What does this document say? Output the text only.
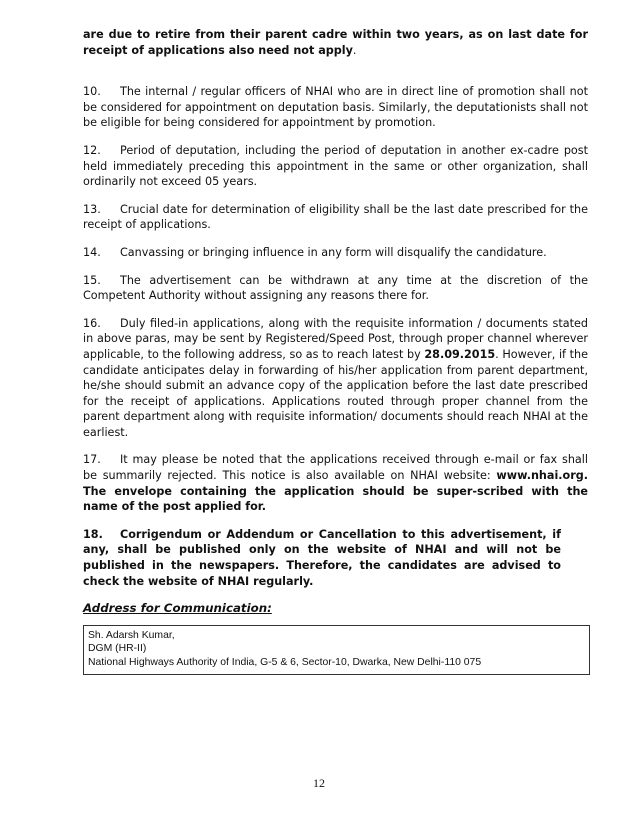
are due to retire from their parent cadre within two years, as on last date for receipt of applications also need not apply.

10. The internal / regular officers of NHAI who are in direct line of promotion shall not be considered for appointment on deputation basis. Similarly, the deputationists shall not be eligible for being considered for appointment by promotion.

12. Period of deputation, including the period of deputation in another ex-cadre post held immediately preceding this appointment in the same or other organization, shall ordinarily not exceed 05 years.

13. Crucial date for determination of eligibility shall be the last date prescribed for the receipt of applications.

14. Canvassing or bringing influence in any form will disqualify the candidature.

15. The advertisement can be withdrawn at any time at the discretion of the Competent Authority without assigning any reasons there for.

16. Duly filed-in applications, along with the requisite information / documents stated in above paras, may be sent by Registered/Speed Post, through proper channel wherever applicable, to the following address, so as to reach latest by 28.09.2015. However, if the candidate anticipates delay in forwarding of his/her application from parent department, he/she should submit an advance copy of the application before the last date prescribed for the receipt of applications. Applications routed through proper channel from the parent department along with requisite information/ documents should reach NHAI at the earliest.

17. It may please be noted that the applications received through e-mail or fax shall be summarily rejected. This notice is also available on NHAI website: www.nhai.org. The envelope containing the application should be super-scribed with the name of the post applied for.

18. Corrigendum or Addendum or Cancellation to this advertisement, if any, shall be published only on the website of NHAI and will not be published in the newspapers. Therefore, the candidates are advised to check the website of NHAI regularly.

Address for Communication:

Sh. Adarsh Kumar,
DGM (HR-II)
National Highways Authority of India, G-5 & 6, Sector-10, Dwarka, New Delhi-110 075
12
